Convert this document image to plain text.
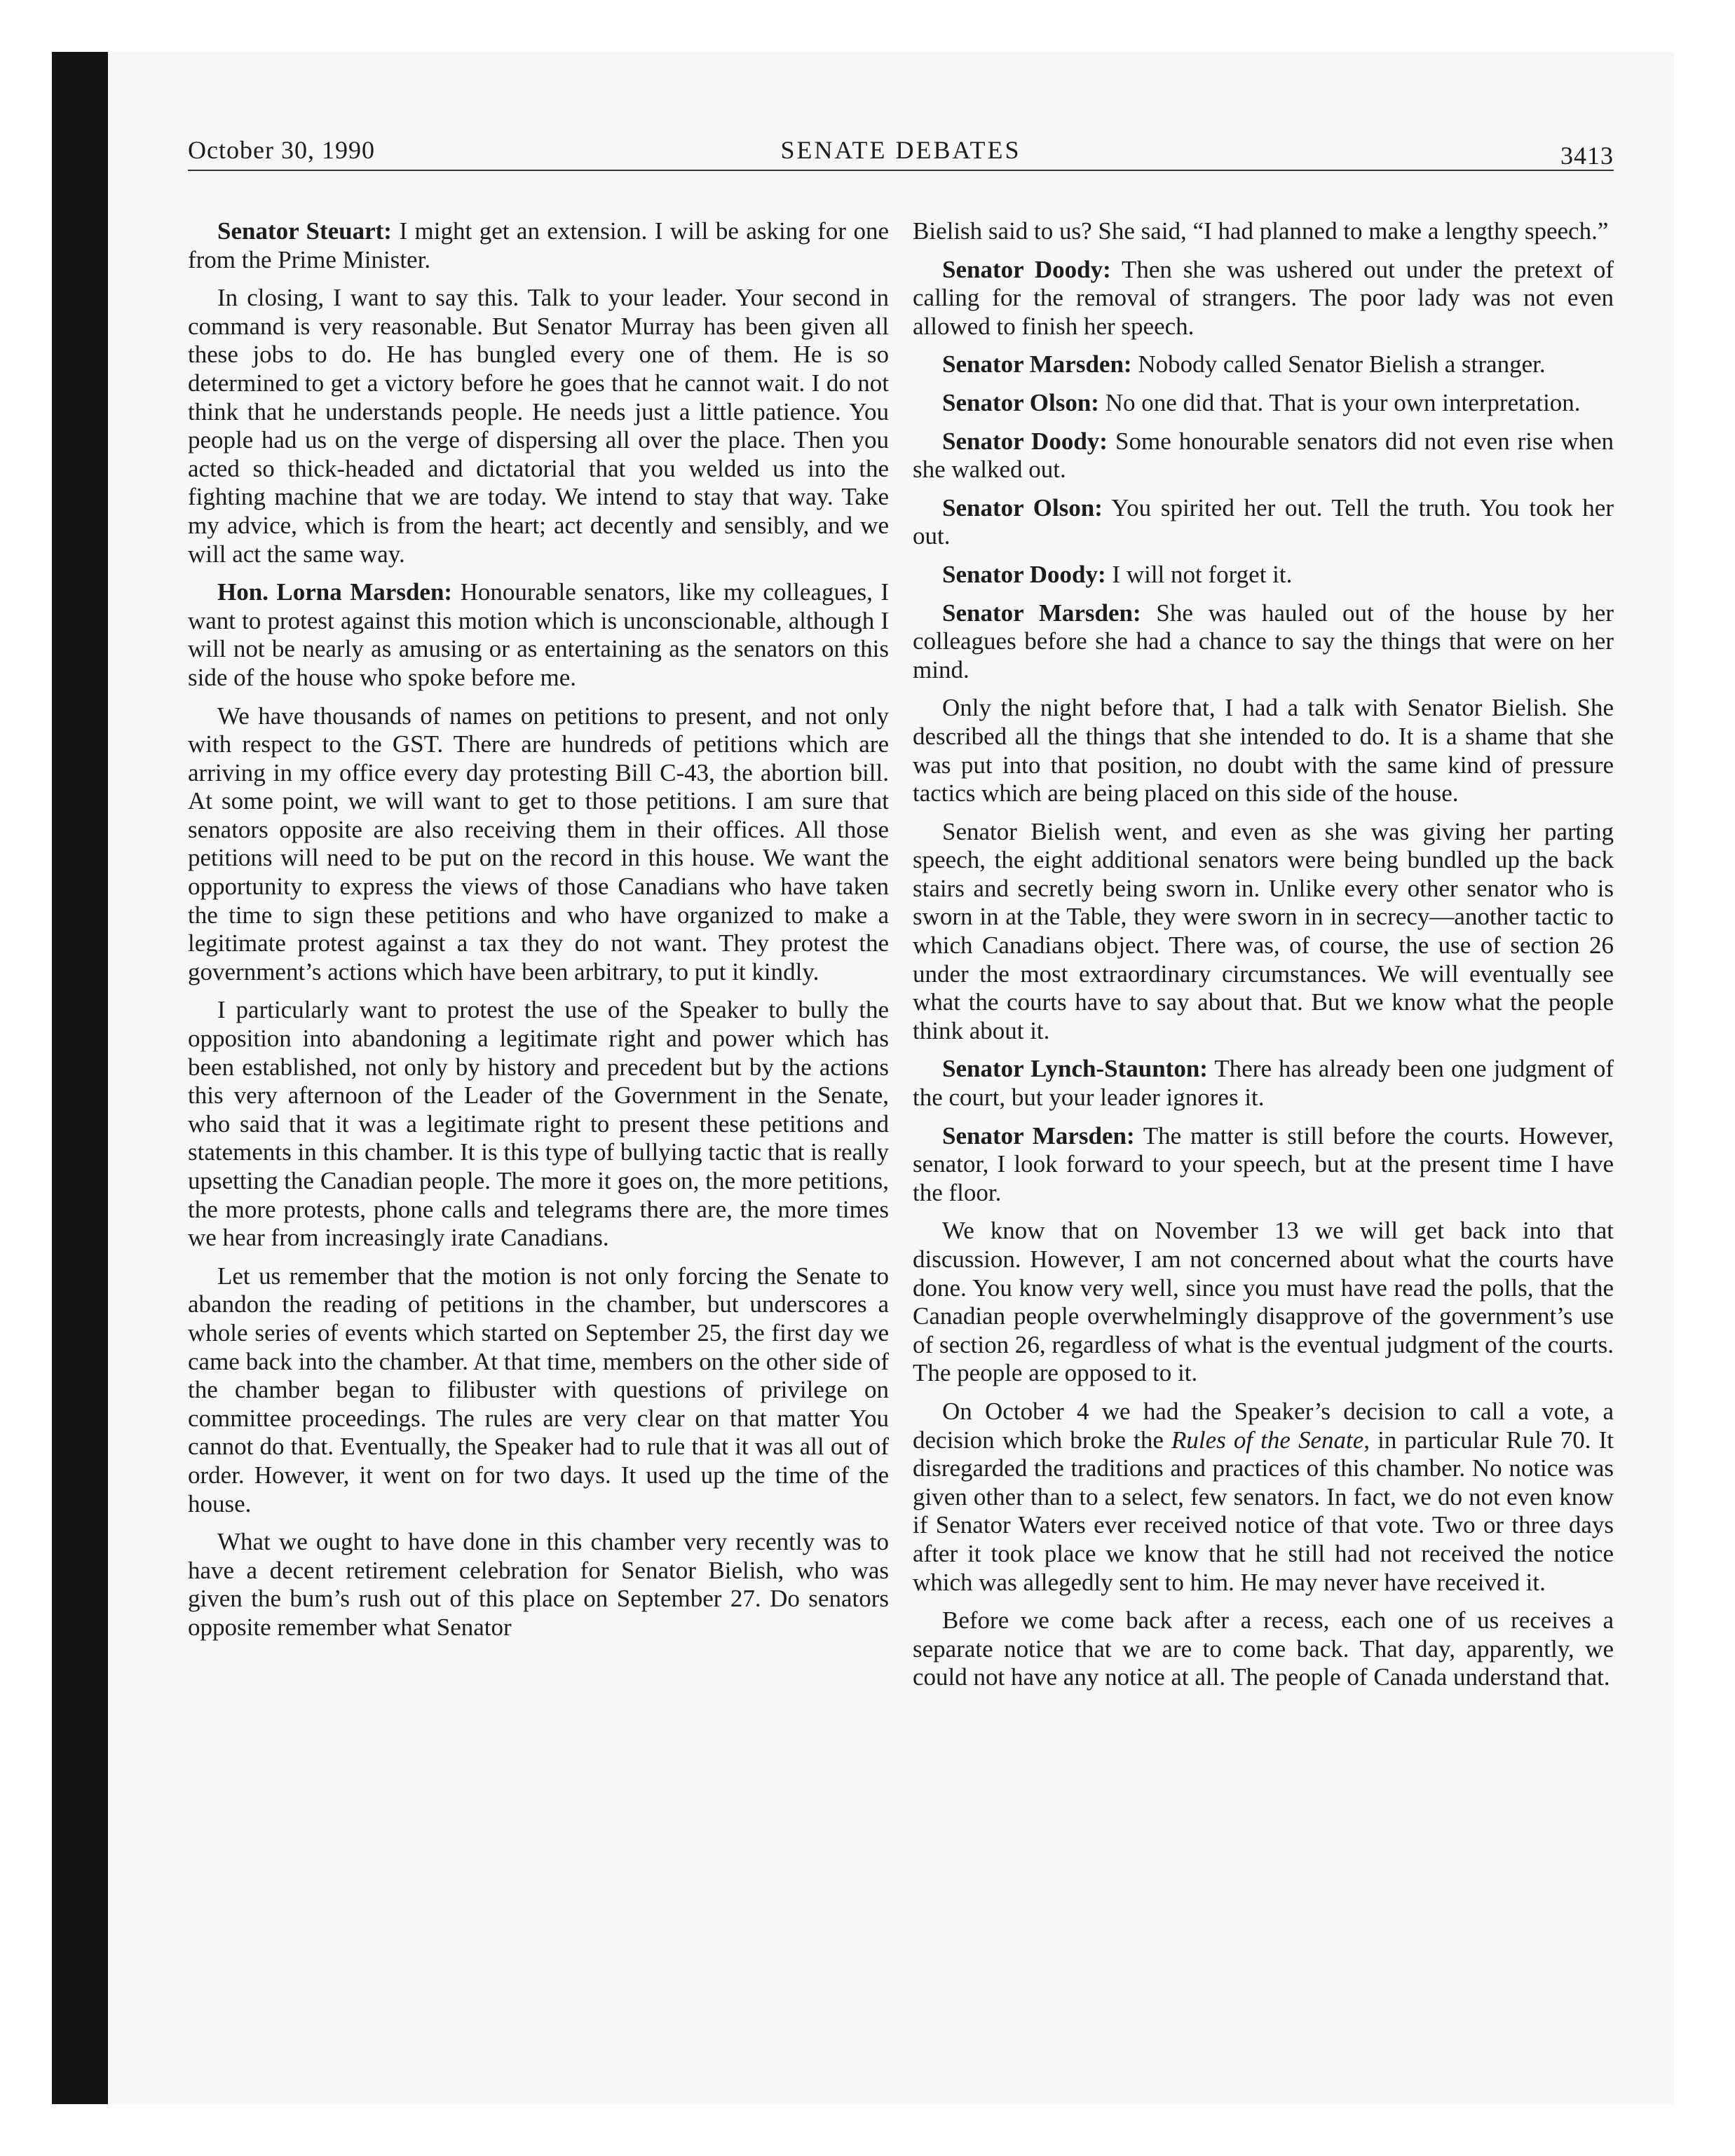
October 30, 1990	SENATE DEBATES	3413

Senator Steuart: I might get an extension. I will be asking for one from the Prime Minister.

In closing, I want to say this. Talk to your leader. Your second in command is very reasonable. But Senator Murray has been given all these jobs to do. He has bungled every one of them. He is so determined to get a victory before he goes that he cannot wait. I do not think that he understands people. He needs just a little patience. You people had us on the verge of dispersing all over the place. Then you acted so thick-headed and dictatorial that you welded us into the fighting machine that we are today. We intend to stay that way. Take my advice, which is from the heart; act decently and sensibly, and we will act the same way.

Hon. Lorna Marsden: Honourable senators, like my colleagues, I want to protest against this motion which is unconscionable, although I will not be nearly as amusing or as entertaining as the senators on this side of the house who spoke before me.

We have thousands of names on petitions to present, and not only with respect to the GST. There are hundreds of petitions which are arriving in my office every day protesting Bill C-43, the abortion bill. At some point, we will want to get to those petitions. I am sure that senators opposite are also receiving them in their offices. All those petitions will need to be put on the record in this house. We want the opportunity to express the views of those Canadians who have taken the time to sign these petitions and who have organized to make a legitimate protest against a tax they do not want. They protest the government’s actions which have been arbitrary, to put it kindly.

I particularly want to protest the use of the Speaker to bully the opposition into abandoning a legitimate right and power which has been established, not only by history and precedent but by the actions this very afternoon of the Leader of the Government in the Senate, who said that it was a legitimate right to present these petitions and statements in this chamber. It is this type of bullying tactic that is really upsetting the Canadian people. The more it goes on, the more petitions, the more protests, phone calls and telegrams there are, the more times we hear from increasingly irate Canadians.

Let us remember that the motion is not only forcing the Senate to abandon the reading of petitions in the chamber, but underscores a whole series of events which started on September 25, the first day we came back into the chamber. At that time, members on the other side of the chamber began to filibuster with questions of privilege on committee proceedings. The rules are very clear on that matter You cannot do that. Eventually, the Speaker had to rule that it was all out of order. However, it went on for two days. It used up the time of the house.

What we ought to have done in this chamber very recently was to have a decent retirement celebration for Senator Bielish, who was given the bum’s rush out of this place on September 27. Do senators opposite remember what Senator

Bielish said to us? She said, “I had planned to make a lengthy speech.”

Senator Doody: Then she was ushered out under the pretext of calling for the removal of strangers. The poor lady was not even allowed to finish her speech.

Senator Marsden: Nobody called Senator Bielish a stranger.

Senator Olson: No one did that. That is your own interpretation.

Senator Doody: Some honourable senators did not even rise when she walked out.

Senator Olson: You spirited her out. Tell the truth. You took her out.

Senator Doody: I will not forget it.

Senator Marsden: She was hauled out of the house by her colleagues before she had a chance to say the things that were on her mind.

Only the night before that, I had a talk with Senator Bielish. She described all the things that she intended to do. It is a shame that she was put into that position, no doubt with the same kind of pressure tactics which are being placed on this side of the house.

Senator Bielish went, and even as she was giving her parting speech, the eight additional senators were being bundled up the back stairs and secretly being sworn in. Unlike every other senator who is sworn in at the Table, they were sworn in in secrecy—another tactic to which Canadians object. There was, of course, the use of section 26 under the most extraordinary circumstances. We will eventually see what the courts have to say about that. But we know what the people think about it.

Senator Lynch-Staunton: There has already been one judgment of the court, but your leader ignores it.

Senator Marsden: The matter is still before the courts. However, senator, I look forward to your speech, but at the present time I have the floor.

We know that on November 13 we will get back into that discussion. However, I am not concerned about what the courts have done. You know very well, since you must have read the polls, that the Canadian people overwhelmingly disapprove of the government’s use of section 26, regardless of what is the eventual judgment of the courts. The people are opposed to it.

On October 4 we had the Speaker’s decision to call a vote, a decision which broke the Rules of the Senate, in particular Rule 70. It disregarded the traditions and practices of this chamber. No notice was given other than to a select, few senators. In fact, we do not even know if Senator Waters ever received notice of that vote. Two or three days after it took place we know that he still had not received the notice which was allegedly sent to him. He may never have received it.

Before we come back after a recess, each one of us receives a separate notice that we are to come back. That day, apparently, we could not have any notice at all. The people of Canada understand that.
